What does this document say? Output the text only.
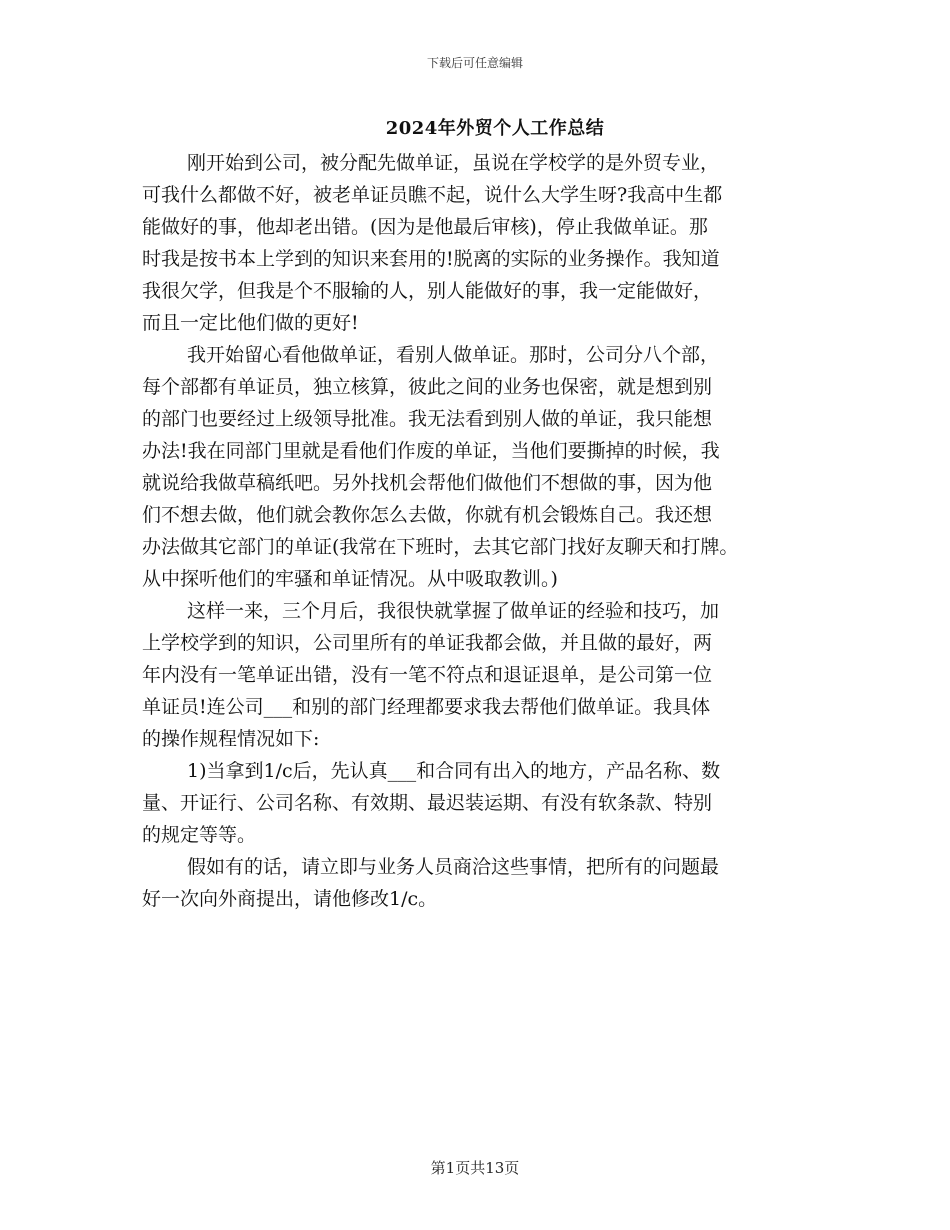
下载后可任意编辑
2024年外贸个人工作总结
刚开始到公司，被分配先做单证，虽说在学校学的是外贸专业，
可我什么都做不好，被老单证员瞧不起，说什么大学生呀?我高中生都
能做好的事，他却老出错。(因为是他最后审核)，停止我做单证。那
时我是按书本上学到的知识来套用的!脱离的实际的业务操作。我知道
我很欠学，但我是个不服输的人，别人能做好的事，我一定能做好，
而且一定比他们做的更好!
我开始留心看他做单证，看别人做单证。那时，公司分八个部，
每个部都有单证员，独立核算，彼此之间的业务也保密，就是想到别
的部门也要经过上级领导批准。我无法看到别人做的单证，我只能想
办法!我在同部门里就是看他们作废的单证，当他们要撕掉的时候，我
就说给我做草稿纸吧。另外找机会帮他们做他们不想做的事，因为他
们不想去做，他们就会教你怎么去做，你就有机会锻炼自己。我还想
办法做其它部门的单证(我常在下班时，去其它部门找好友聊天和打牌。
从中探听他们的牢骚和单证情况。从中吸取教训。)
这样一来，三个月后，我很快就掌握了做单证的经验和技巧，加
上学校学到的知识，公司里所有的单证我都会做，并且做的最好，两
年内没有一笔单证出错，没有一笔不符点和退证退单，是公司第一位
单证员!连公司___和别的部门经理都要求我去帮他们做单证。我具体
的操作规程情况如下:
1)当拿到1/c后，先认真___和合同有出入的地方，产品名称、数
量、开证行、公司名称、有效期、最迟装运期、有没有软条款、特别
的规定等等。
假如有的话，请立即与业务人员商洽这些事情，把所有的问题最
好一次向外商提出，请他修改1/c。
第1页共13页
